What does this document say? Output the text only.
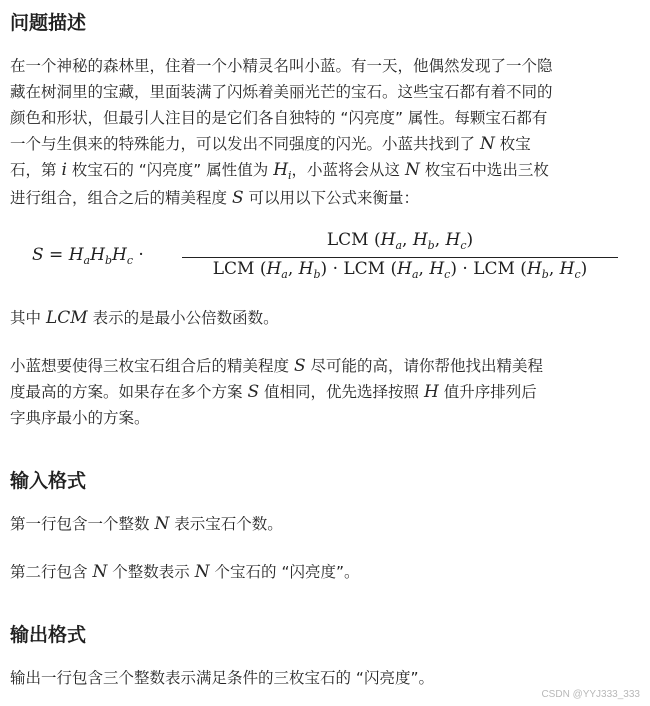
问题描述

在一个神秘的森林里，住着一个小精灵名叫小蓝。有一天，他偶然发现了一个隐
藏在树洞里的宝藏，里面装满了闪烁着美丽光芒的宝石。这些宝石都有着不同的
颜色和形状，但最引人注目的是它们各自独特的 “闪亮度” 属性。每颗宝石都有
一个与生俱来的特殊能力，可以发出不同强度的闪光。小蓝共找到了 N 枚宝
石，第 i 枚宝石的 “闪亮度” 属性值为 $H_i$，小蓝将会从这 N 枚宝石中选出三枚
进行组合，组合之后的精美程度 S 可以用以下公式来衡量：

$S = H_aH_bH_c$ ·
LCM ($H_a$, $H_b$, $H_c$)
LCM ($H_a$, $H_b$) · LCM ($H_a$, $H_c$) · LCM ($H_b$, $H_c$)

其中 LCM 表示的是最小公倍数函数。

小蓝想要使得三枚宝石组合后的精美程度 S 尽可能的高，请你帮他找出精美程
度最高的方案。如果存在多个方案 S 值相同，优先选择按照 H 值升序排列后
字典序最小的方案。

输入格式

第一行包含一个整数 N 表示宝石个数。

第二行包含 N 个整数表示 N 个宝石的 “闪亮度”。

输出格式

输出一行包含三个整数表示满足条件的三枚宝石的 “闪亮度”。

CSDN @YYJ333_333
